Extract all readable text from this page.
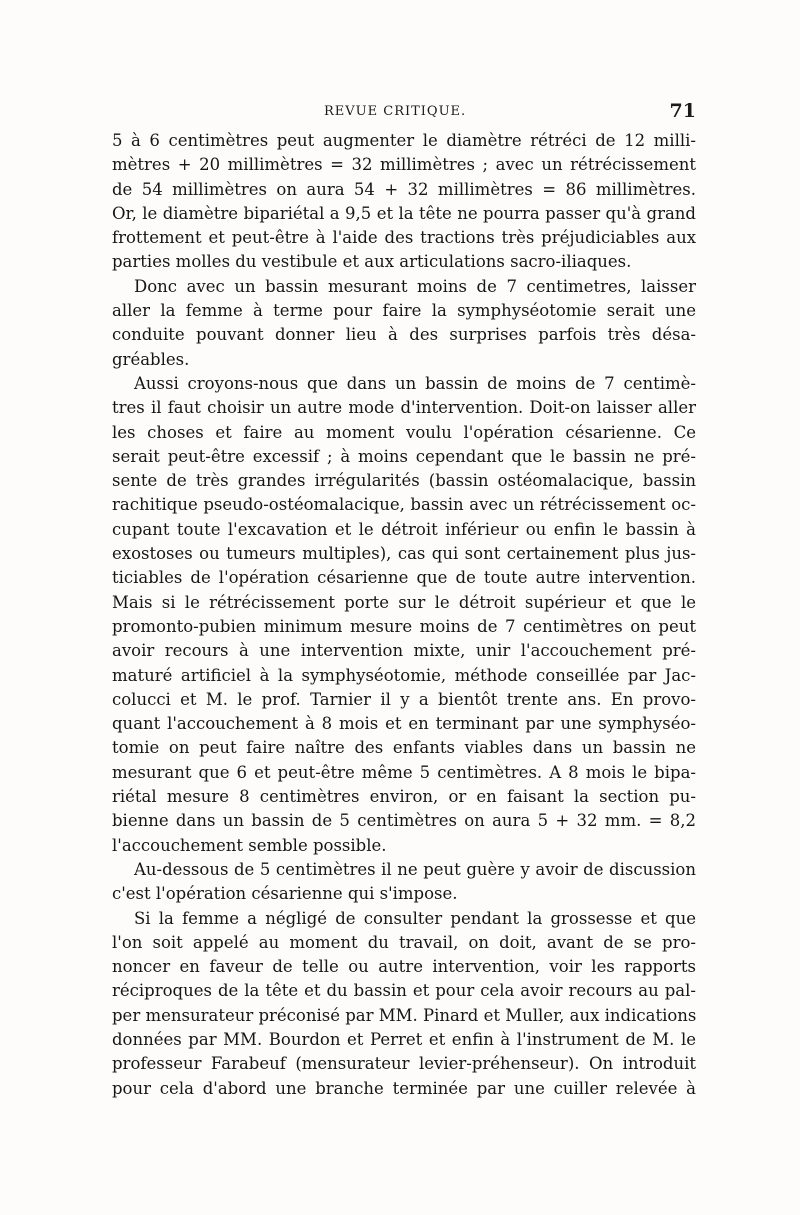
REVUE CRITIQUE.	71
5 à 6 centimètres peut augmenter le diamètre rétréci de 12 milli-
mètres + 20 millimètres = 32 millimètres ; avec un rétrécissement
de 54 millimètres on aura 54 + 32 millimètres = 86 millimètres.
Or, le diamètre bipariétal a 9,5 et la tête ne pourra passer qu'à grand
frottement et peut-être à l'aide des tractions très préjudiciables aux
parties molles du vestibule et aux articulations sacro-iliaques.
Donc avec un bassin mesurant moins de 7 centimetres, laisser
aller la femme à terme pour faire la symphyséotomie serait une
conduite pouvant donner lieu à des surprises parfois très désa-
gréables.
Aussi croyons-nous que dans un bassin de moins de 7 centimè-
tres il faut choisir un autre mode d'intervention. Doit-on laisser aller
les choses et faire au moment voulu l'opération césarienne. Ce
serait peut-être excessif ; à moins cependant que le bassin ne pré-
sente de très grandes irrégularités (bassin ostéomalacique, bassin
rachitique pseudo-ostéomalacique, bassin avec un rétrécissement oc-
cupant toute l'excavation et le détroit inférieur ou enfin le bassin à
exostoses ou tumeurs multiples), cas qui sont certainement plus jus-
ticiables de l'opération césarienne que de toute autre intervention.
Mais si le rétrécissement porte sur le détroit supérieur et que le
promonto-pubien minimum mesure moins de 7 centimètres on peut
avoir recours à une intervention mixte, unir l'accouchement pré-
maturé artificiel à la symphyséotomie, méthode conseillée par Jac-
colucci et M. le prof. Tarnier il y a bientôt trente ans. En provo-
quant l'accouchement à 8 mois et en terminant par une symphyséo-
tomie on peut faire naître des enfants viables dans un bassin ne
mesurant que 6 et peut-être même 5 centimètres. A 8 mois le bipa-
riétal mesure 8 centimètres environ, or en faisant la section pu-
bienne dans un bassin de 5 centimètres on aura 5 + 32 mm. = 8,2
l'accouchement semble possible.
Au-dessous de 5 centimètres il ne peut guère y avoir de discussion
c'est l'opération césarienne qui s'impose.
Si la femme a négligé de consulter pendant la grossesse et que
l'on soit appelé au moment du travail, on doit, avant de se pro-
noncer en faveur de telle ou autre intervention, voir les rapports
réciproques de la tête et du bassin et pour cela avoir recours au pal-
per mensurateur préconisé par MM. Pinard et Muller, aux indications
données par MM. Bourdon et Perret et enfin à l'instrument de M. le
professeur Farabeuf (mensurateur levier-préhenseur). On introduit
pour cela d'abord une branche terminée par une cuiller relevée à
